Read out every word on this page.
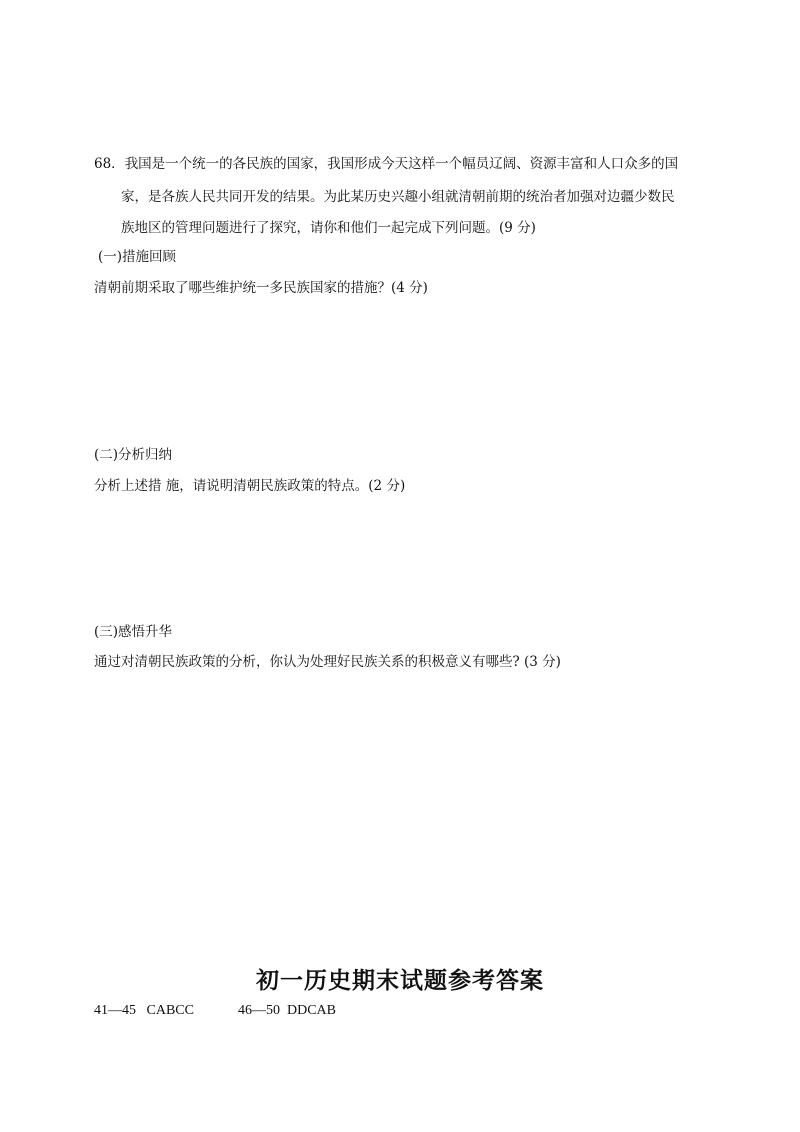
68．我国是一个统一的各民族的国家，我国形成今天这样一个幅员辽阔、资源丰富和人口众多的国
家，是各族人民共同开发的结果。为此某历史兴趣小组就清朝前期的统治者加强对边疆少数民
族地区的管理问题进行了探究，请你和他们一起完成下列问题。(9 分)
(一)措施回顾
清朝前期采取了哪些维护统一多民族国家的措施？(4 分)
(二)分析归纳
分析上述措 施，请说明清朝民族政策的特点。(2 分)
(三)感悟升华
通过对清朝民族政策的分析，你认为处理好民族关系的积极意义有哪些? (3 分)
初一历史期末试题参考答案
41—45 CABCC	46—50 DDCAB
